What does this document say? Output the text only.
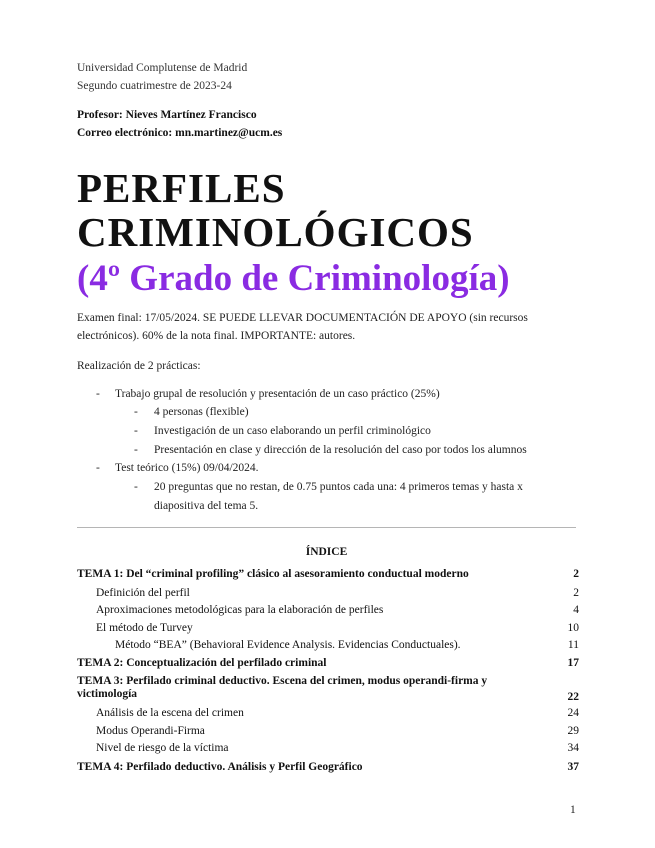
Universidad Complutense de Madrid
Segundo cuatrimestre de 2023-24
Profesor: Nieves Martínez Francisco
Correo electrónico: mn.martinez@ucm.es
PERFILES
CRIMINOLÓGICOS
(4º Grado de Criminología)
Examen final: 17/05/2024. SE PUEDE LLEVAR DOCUMENTACIÓN DE APOYO (sin recursos
electrónicos). 60% de la nota final. IMPORTANTE: autores.
Realización de 2 prácticas:
- Trabajo grupal de resolución y presentación de un caso práctico (25%)
- 4 personas (flexible)
- Investigación de un caso elaborando un perfil criminológico
- Presentación en clase y dirección de la resolución del caso por todos los alumnos
- Test teórico (15%) 09/04/2024.
- 20 preguntas que no restan, de 0.75 puntos cada una: 4 primeros temas y hasta x
diapositiva del tema 5.
ÍNDICE
TEMA 1: Del “criminal profiling” clásico al asesoramiento conductual moderno	2
Definición del perfil	2
Aproximaciones metodológicas para la elaboración de perfiles	4
El método de Turvey	10
Método “BEA” (Behavioral Evidence Analysis. Evidencias Conductuales).	11
TEMA 2: Conceptualización del perfilado criminal	17
TEMA 3: Perfilado criminal deductivo. Escena del crimen, modus operandi-firma y
victimología	22
Análisis de la escena del crimen	24
Modus Operandi-Firma	29
Nivel de riesgo de la víctima	34
TEMA 4: Perfilado deductivo. Análisis y Perfil Geográfico	37
1
